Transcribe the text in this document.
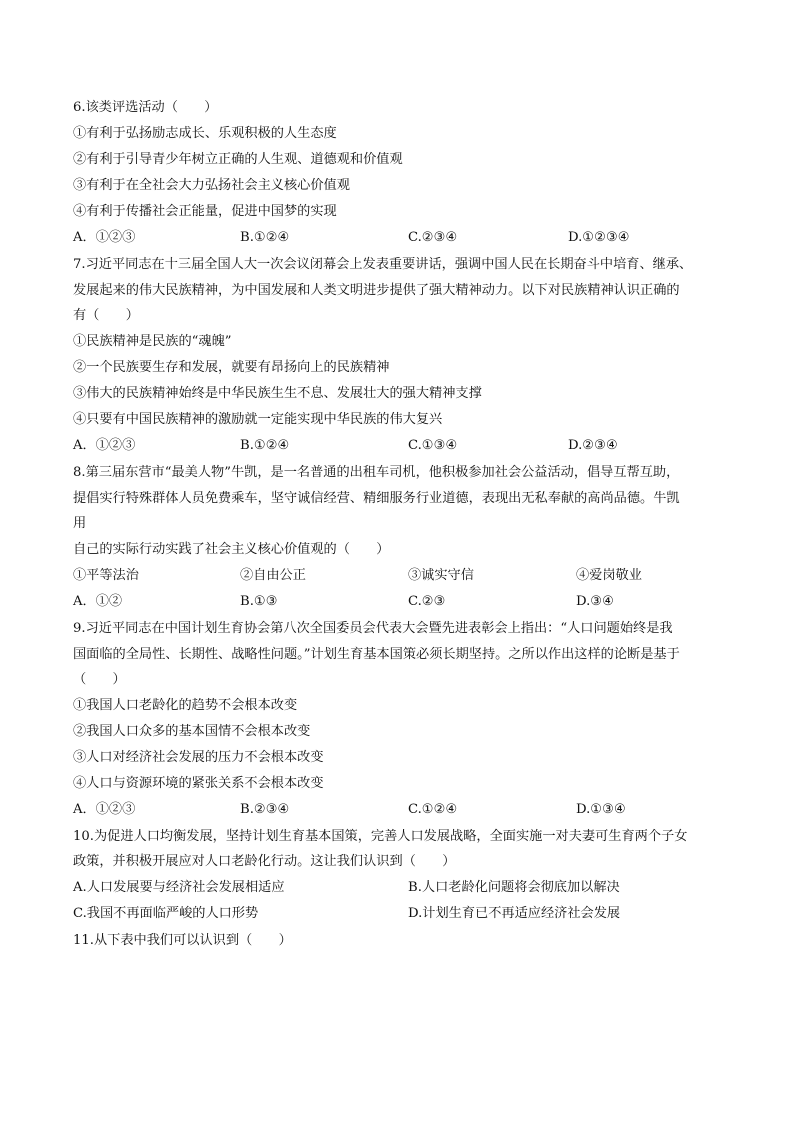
6.该类评选活动（　　）
①有利于弘扬励志成长、乐观积极的人生态度
②有利于引导青少年树立正确的人生观、道德观和价值观
③有利于在全社会大力弘扬社会主义核心价值观
④有利于传播社会正能量，促进中国梦的实现
A．①②③	B.①②④	C.②③④	D.①②③④
7.习近平同志在十三届全国人大一次会议闭幕会上发表重要讲话，强调中国人民在长期奋斗中培育、继承、
发展起来的伟大民族精神，为中国发展和人类文明进步提供了强大精神动力。以下对民族精神认识正确的
有（　　）
①民族精神是民族的“魂魄”
②一个民族要生存和发展，就要有昂扬向上的民族精神
③伟大的民族精神始终是中华民族生生不息、发展壮大的强大精神支撑
④只要有中国民族精神的激励就一定能实现中华民族的伟大复兴
A．①②③	B.①②④	C.①③④	D.②③④
8.第三届东营市“最美人物”牛凯，是一名普通的出租车司机，他积极参加社会公益活动，倡导互帮互助，
提倡实行特殊群体人员免费乘车，坚守诚信经营、精细服务行业道德，表现出无私奉献的高尚品德。牛凯
用
自己的实际行动实践了社会主义核心价值观的（　　）
①平等法治	②自由公正	③诚实守信	④爱岗敬业
A．①②	B.①③	C.②③	D.③④
9.习近平同志在中国计划生育协会第八次全国委员会代表大会暨先进表彰会上指出：“人口问题始终是我
国面临的全局性、长期性、战略性问题。”计划生育基本国策必须长期坚持。之所以作出这样的论断是基于
（　　）
①我国人口老龄化的趋势不会根本改变
②我国人口众多的基本国情不会根本改变
③人口对经济社会发展的压力不会根本改变
④人口与资源环境的紧张关系不会根本改变
A．①②③	B.②③④	C.①②④	D.①③④
10.为促进人口均衡发展，坚持计划生育基本国策，完善人口发展战略，全面实施一对夫妻可生育两个子女
政策，并积极开展应对人口老龄化行动。这让我们认识到（　　）
A.人口发展要与经济社会发展相适应	B.人口老龄化问题将会彻底加以解决
C.我国不再面临严峻的人口形势	D.计划生育已不再适应经济社会发展
11.从下表中我们可以认识到（　　）
